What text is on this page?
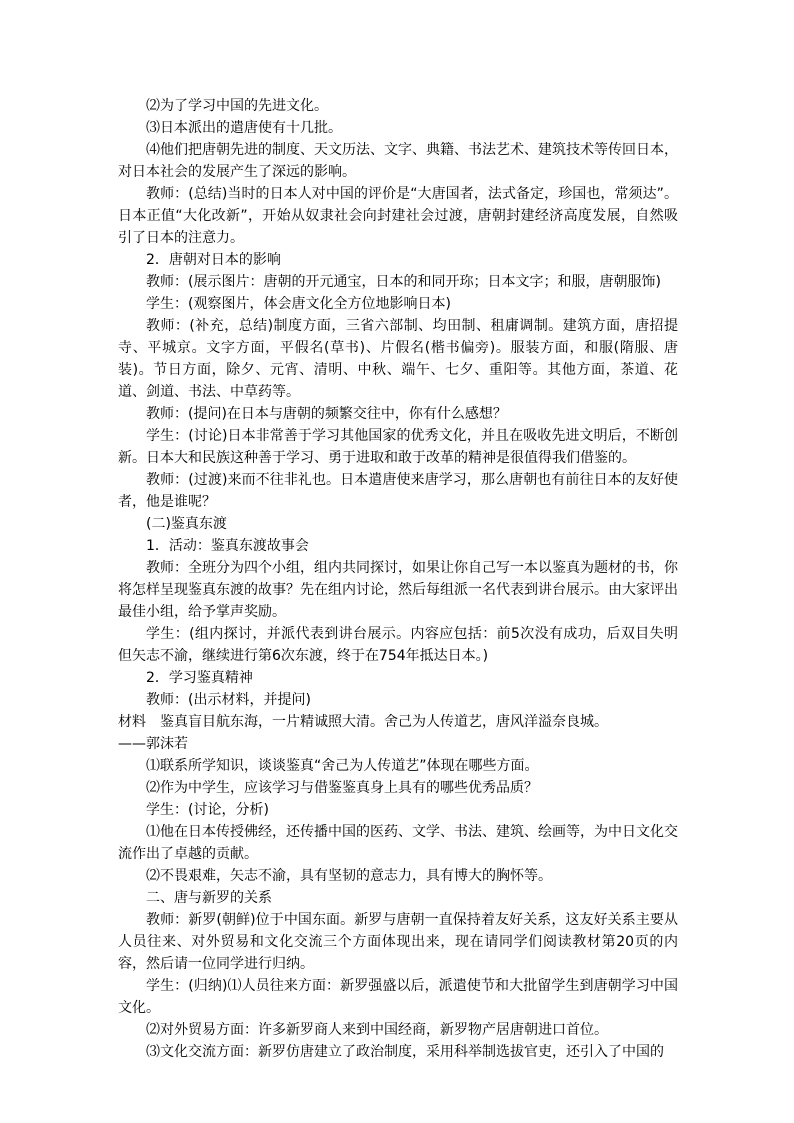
⑵为了学习中国的先进文化。

⑶日本派出的遣唐使有十几批。

⑷他们把唐朝先进的制度、天文历法、文字、典籍、书法艺术、建筑技术等传回日本，对日本社会的发展产生了深远的影响。

教师：(总结)当时的日本人对中国的评价是“大唐国者，法式备定，珍国也，常须达”。日本正值“大化改新”，开始从奴隶社会向封建社会过渡，唐朝封建经济高度发展，自然吸引了日本的注意力。

2．唐朝对日本的影响

教师：(展示图片：唐朝的开元通宝，日本的和同开珎；日本文字；和服，唐朝服饰)

学生：(观察图片，体会唐文化全方位地影响日本)

教师：(补充，总结)制度方面，三省六部制、均田制、租庸调制。建筑方面，唐招提寺、平城京。文字方面，平假名(草书)、片假名(楷书偏旁)。服装方面，和服(隋服、唐装)。节日方面，除夕、元宵、清明、中秋、端午、七夕、重阳等。其他方面，茶道、花道、剑道、书法、中草药等。

教师：(提问)在日本与唐朝的频繁交往中，你有什么感想？

学生：(讨论)日本非常善于学习其他国家的优秀文化，并且在吸收先进文明后，不断创新。日本大和民族这种善于学习、勇于进取和敢于改革的精神是很值得我们借鉴的。

教师：(过渡)来而不往非礼也。日本遣唐使来唐学习，那么唐朝也有前往日本的友好使者，他是谁呢？

(二)鉴真东渡

1．活动：鉴真东渡故事会

教师：全班分为四个小组，组内共同探讨，如果让你自己写一本以鉴真为题材的书，你将怎样呈现鉴真东渡的故事？先在组内讨论，然后每组派一名代表到讲台展示。由大家评出最佳小组，给予掌声奖励。

学生：(组内探讨，并派代表到讲台展示。内容应包括：前5次没有成功，后双目失明但矢志不渝，继续进行第6次东渡，终于在754年抵达日本。)

2．学习鉴真精神

教师：(出示材料，并提问)

材料　鉴真盲目航东海，一片精诚照大清。舍己为人传道艺，唐风洋溢奈良城。

——郭沫若

⑴联系所学知识，谈谈鉴真“舍己为人传道艺”体现在哪些方面。

⑵作为中学生，应该学习与借鉴鉴真身上具有的哪些优秀品质？

学生：(讨论，分析)

⑴他在日本传授佛经，还传播中国的医药、文学、书法、建筑、绘画等，为中日文化交流作出了卓越的贡献。

⑵不畏艰难，矢志不渝，具有坚韧的意志力，具有博大的胸怀等。

二、唐与新罗的关系

教师：新罗(朝鲜)位于中国东面。新罗与唐朝一直保持着友好关系，这友好关系主要从人员往来、对外贸易和文化交流三个方面体现出来，现在请同学们阅读教材第20页的内容，然后请一位同学进行归纳。

学生：(归纳)⑴人员往来方面：新罗强盛以后，派遣使节和大批留学生到唐朝学习中国文化。

⑵对外贸易方面：许多新罗商人来到中国经商，新罗物产居唐朝进口首位。

⑶文化交流方面：新罗仿唐建立了政治制度，采用科举制选拔官吏，还引入了中国的
